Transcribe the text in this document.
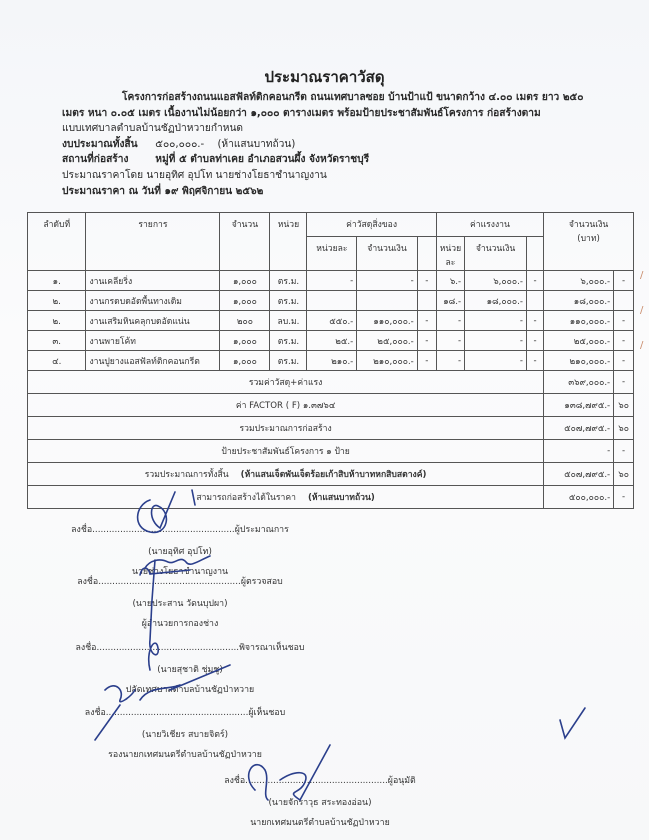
ประมาณราคาวัสดุ
โครงการก่อสร้างถนนแอสฟัลท์ติกคอนกรีต ถนนเทศบาลซอย บ้านป้าแป้ ขนาดกว้าง ๔.๐๐ เมตร ยาว ๒๕๐
เมตร หนา ๐.๐๕ เมตร เนื้องานไม่น้อยกว่า ๑,๐๐๐ ตารางเมตร พร้อมป้ายประชาสัมพันธ์โครงการ ก่อสร้างตาม
แบบเทศบาลตำบลบ้านชัฏป่าหวายกำหนด
งบประมาณทั้งสิ้น ๕๐๐,๐๐๐.- (ห้าแสนบาทถ้วน)
สถานที่ก่อสร้าง	หมู่ที่ ๕ ตำบลท่าเคย อำเภอสวนผึ้ง จังหวัดราชบุรี
ประมาณราคาโดย นายอุทิศ อุปโท นายช่างโยธาชำนาญงาน
ประมาณราคา ณ วันที่ ๑๙ พิฤศจิกายน ๒๕๖๒
ลำดับที่	รายการ	จำนวน	หน่วย	ค่าวัสดุสิ่งของ			ค่าแรงงาน			จำนวนเงิน
(บาท)	

				หน่วยละ	จำนวนเงิน		หน่วยละ	จำนวนเงิน			
๑.	งานเคลียริ่ง	๑,๐๐๐	ตร.ม.	-	-	-	๖.-	๖,๐๐๐.-	-	๖,๐๐๐.-	-
๒.	งานกรดบดอัดพื้นทางเดิม	๑,๐๐๐	ตร.ม.				๑๘.-	๑๘,๐๐๐.-		๑๘,๐๐๐.-	
๒.	งานเสริมหินคลุกบดอัดแน่น	๒๐๐	ลบ.ม.	๕๕๐.-	๑๑๐,๐๐๐.-	-	-	-	-	๑๑๐,๐๐๐.-	-
๓.	งานพายโค้ท	๑,๐๐๐	ตร.ม.	๒๕.-	๒๕,๐๐๐.-	-	-	-	-	๒๕,๐๐๐.-	-
๔.	งานปูยางแอสฟัลท์ติกคอนกรีต	๑,๐๐๐	ตร.ม.	๒๑๐.-	๒๑๐,๐๐๐.-	-	-	-	-	๒๑๐,๐๐๐.-	-
รวมค่าวัสดุ+ค่าแรง										๓๖๙,๐๐๐.-	-
ค่า FACTOR ( F) ๑.๓๗๖๔										๑๓๘,๗๙๕.-	๖๐
รวมประมาณการก่อสร้าง										๕๐๗,๗๙๕.-	๖๐
ป้ายประชาสัมพันธ์โครงการ ๑ ป้าย										-	-
รวมประมาณการทั้งสิ้น (ห้าแสนเจ็ดพันเจ็ดร้อยเก้าสิบห้าบาทหกสิบสตางค์)										๕๐๗,๗๙๕.-	๖๐
สามารถก่อสร้างได้ในราคา (ห้าแสนบาทถ้วน)										๕๐๐,๐๐๐.-	-
ลงชื่อ...................................................ผู้ประมาณการ
(นายอุทิศ อุปโท)
นายช่างโยธาชำนาญงาน
ลงชื่อ...................................................ผู้ตรวจสอบ
(นายประสาน วัดนบุปผา)
ผู้อำนวยการกองช่าง
ลงชื่อ...................................................พิจารณาเห็นชอบ
(นายสุชาติ ชุ่มชู)
ปลัดเทศบาลตำบลบ้านชัฏป่าหวาย
ลงชื่อ...................................................ผู้เห็นชอบ
(นายวิเชียร สบายจิตร์)
รองนายกเทศมนตรีตำบลบ้านชัฏป่าหวาย
ลงชื่อ...................................................ผู้อนุมัติ
(นายจักราวุธ สระทองอ่อน)
นายกเทศมนตรีตำบลบ้านชัฏป่าหวาย
/
/
/
